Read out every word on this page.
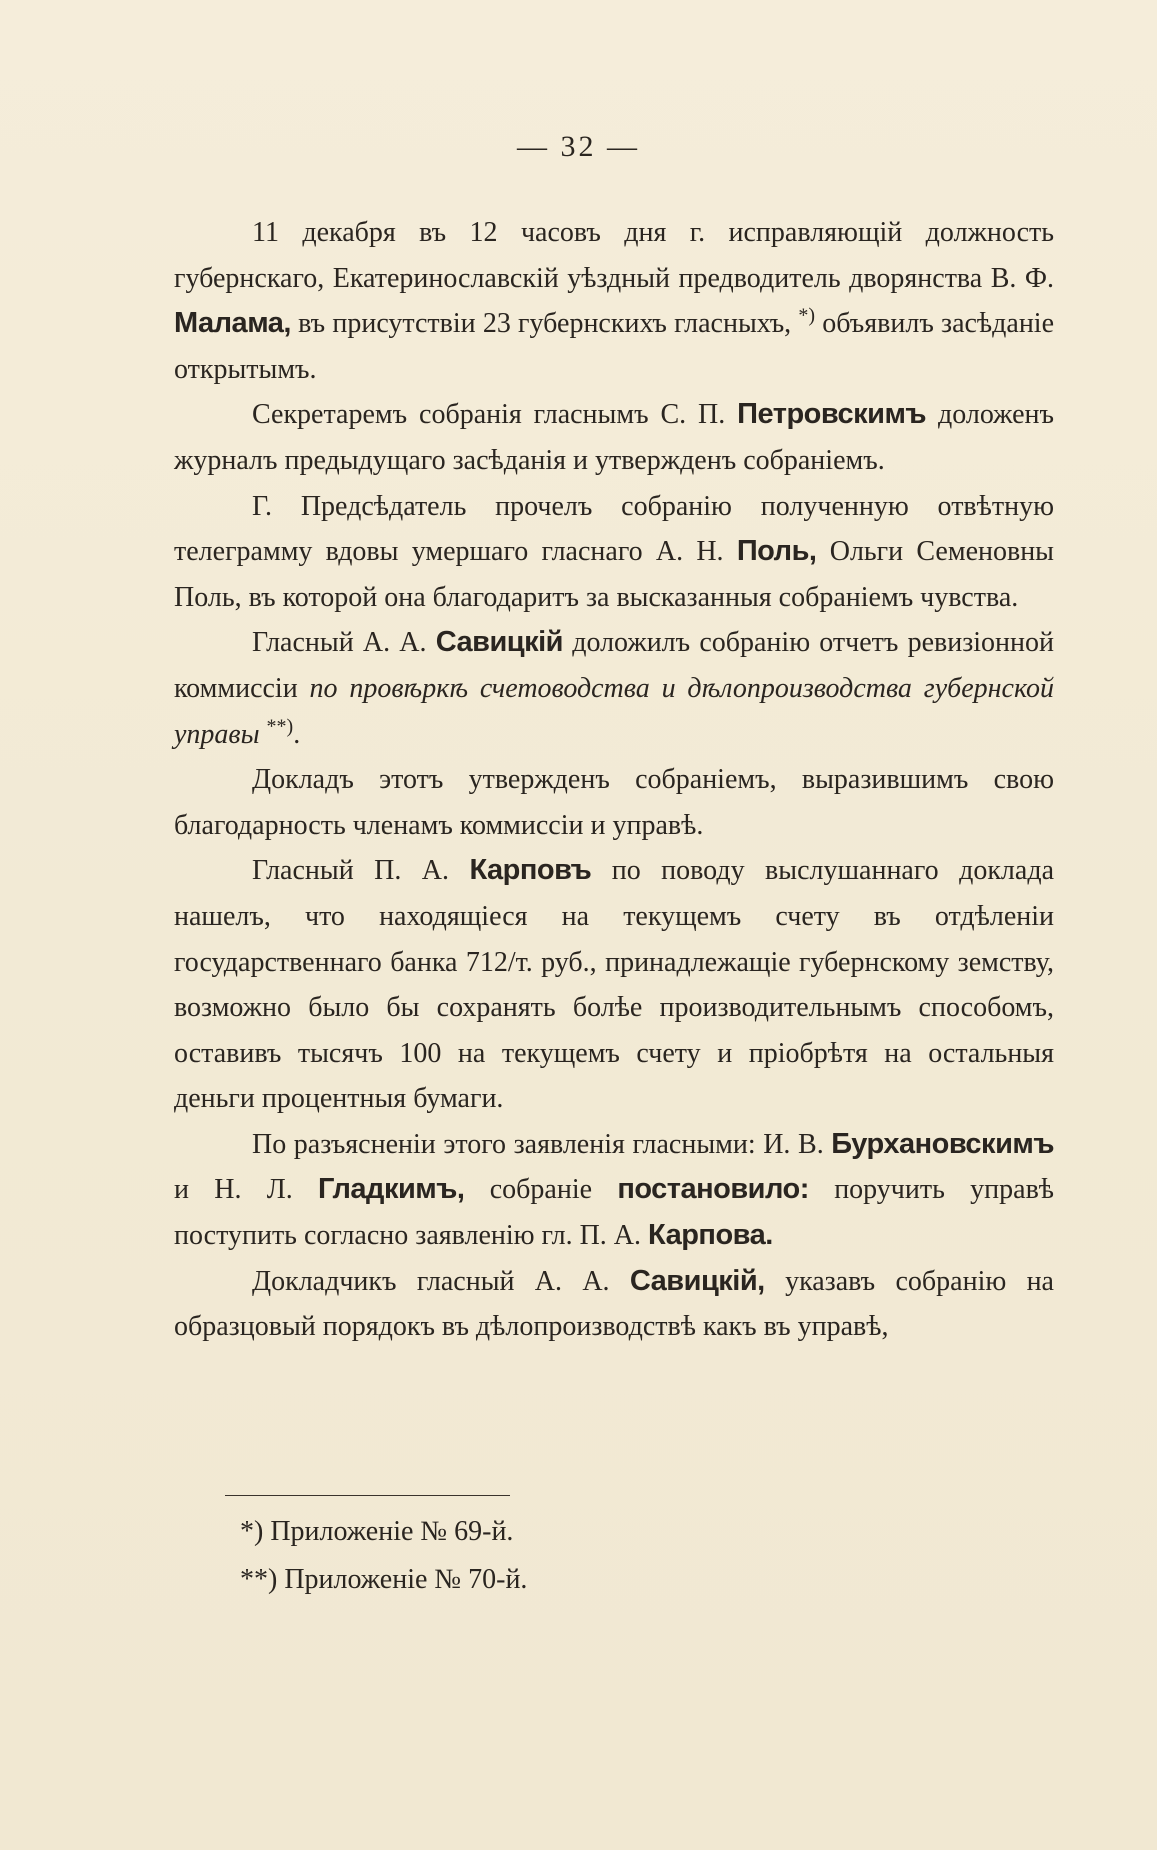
— 32 —

11 декабря въ 12 часовъ дня г. исправляющій должность губернскаго, Екатеринославскій уѣздный предводитель дворянства В. Ф. Малама, въ присутствіи 23 губернскихъ гласныхъ, *) объявилъ засѣданіе открытымъ.

Секретаремъ собранія гласнымъ С. П. Петровскимъ доложенъ журналъ предыдущаго засѣданія и утвержденъ собраніемъ.

Г. Предсѣдатель прочелъ собранію полученную отвѣтную телеграмму вдовы умершаго гласнаго А. Н. Поль, Ольги Семеновны Поль, въ которой она благодаритъ за высказанныя собраніемъ чувства.

Гласный А. А. Савицкій доложилъ собранію отчетъ ревизіонной коммиссіи по провѣркѣ счетоводства и дѣлопроизводства губернской управы **).

Докладъ этотъ утвержденъ собраніемъ, выразившимъ свою благодарность членамъ коммиссіи и управѣ.

Гласный П. А. Карповъ по поводу выслушаннаго доклада нашелъ, что находящіеся на текущемъ счету въ отдѣленіи государственнаго банка 712/т. руб., принадлежащіе губернскому земству, возможно было бы сохранять болѣе производительнымъ способомъ, оставивъ тысячъ 100 на текущемъ счету и пріобрѣтя на остальныя деньги процентныя бумаги.

По разъясненіи этого заявленія гласными: И. В. Бурхановскимъ и Н. Л. Гладкимъ, собраніе постановило: поручить управѣ поступить согласно заявленію гл. П. А. Карпова.

Докладчикъ гласный А. А. Савицкій, указавъ собранію на образцовый порядокъ въ дѣлопроизводствѣ какъ въ управѣ,

*) Приложеніе № 69-й.
**) Приложеніе № 70-й.
